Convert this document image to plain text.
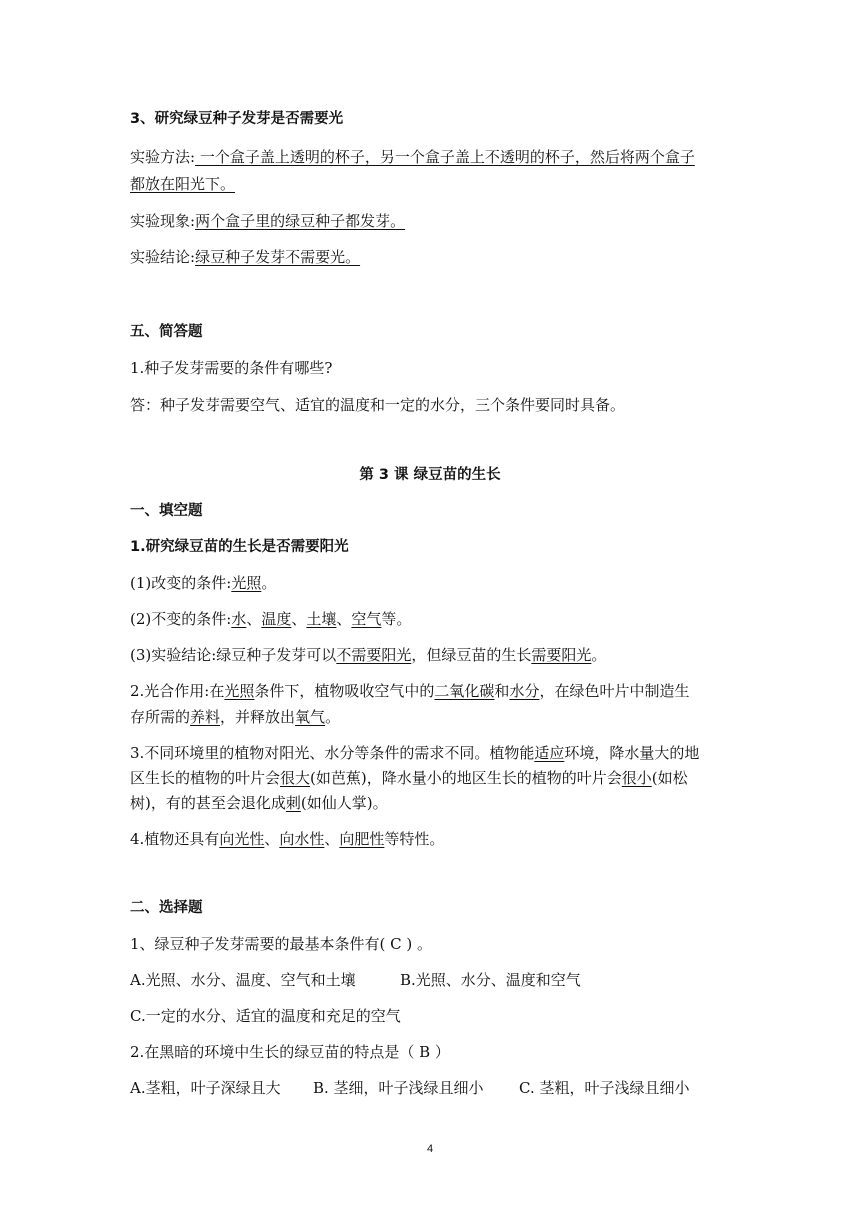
3、研究绿豆种子发芽是否需要光
实验方法: 一个盒子盖上透明的杯子，另一个盒子盖上不透明的杯子，然后将两个盒子
都放在阳光下。
实验现象:两个盒子里的绿豆种子都发芽。
实验结论:绿豆种子发芽不需要光。
五、简答题
1.种子发芽需要的条件有哪些?
答：种子发芽需要空气、适宜的温度和一定的水分，三个条件要同时具备。
第 3 课 绿豆苗的生长
一、填空题
1.研究绿豆苗的生长是否需要阳光
(1)改变的条件:光照。
(2)不变的条件:水、温度、土壤、空气等。
(3)实验结论:绿豆种子发芽可以不需要阳光，但绿豆苗的生长需要阳光。
2.光合作用:在光照条件下，植物吸收空气中的二氧化碳和水分，在绿色叶片中制造生
存所需的养料，并释放出氧气。
3.不同环境里的植物对阳光、水分等条件的需求不同。植物能适应环境，降水量大的地
区生长的植物的叶片会很大(如芭蕉)，降水量小的地区生长的植物的叶片会很小(如松
树)，有的甚至会退化成刺(如仙人掌)。
4.植物还具有向光性、向水性、向肥性等特性。
二、选择题
1、绿豆种子发芽需要的最基本条件有( C ) 。
A.光照、水分、温度、空气和土壤	B.光照、水分、温度和空气
C.一定的水分、适宜的温度和充足的空气
2.在黑暗的环境中生长的绿豆苗的特点是（ B ）
A.茎粗，叶子深绿且大 B. 茎细，叶子浅绿且细小 C. 茎粗，叶子浅绿且细小
4
